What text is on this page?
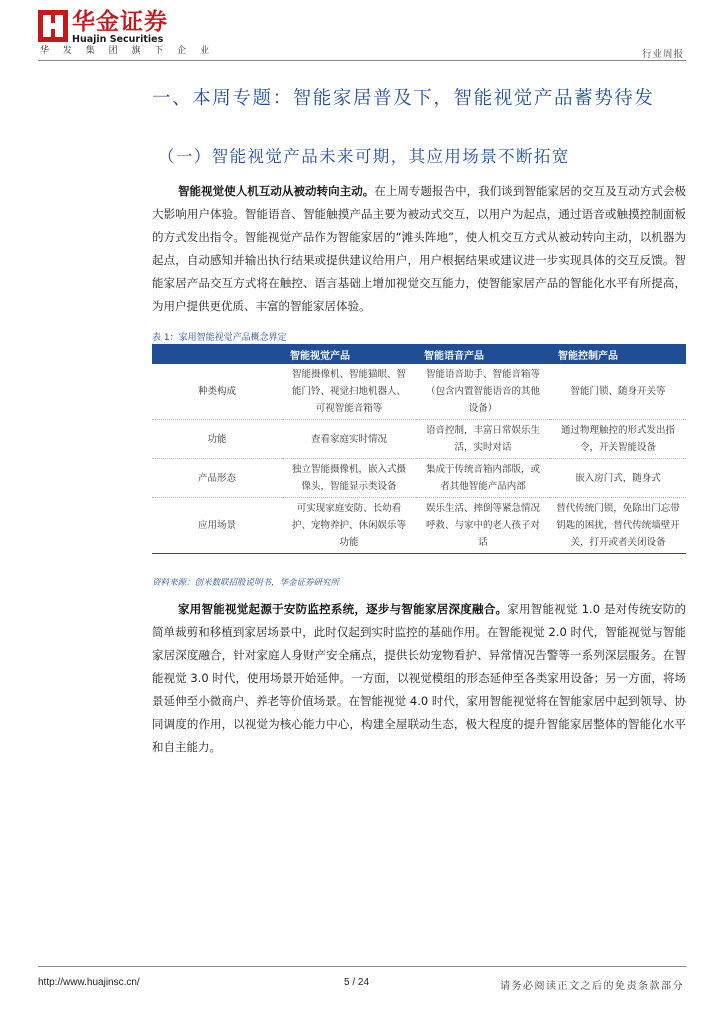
华金证券
Huajin Securities
华 发 集 团 旗 下 企 业	行业周报
一、本周专题：智能家居普及下，智能视觉产品蓄势待发
（一）智能视觉产品未来可期，其应用场景不断拓宽

智能视觉使人机互动从被动转向主动。在上周专题报告中，我们谈到智能家居的交互及互动方式会极大影响用户体验。智能语音、智能触摸产品主要为被动式交互，以用户为起点，通过语音或触摸控制面板的方式发出指令。智能视觉产品作为智能家居的“滩头阵地”，使人机交互方式从被动转向主动，以机器为起点，自动感知并输出执行结果或提供建议给用户，用户根据结果或建议进一步实现具体的交互反馈。智能家居产品交互方式将在触控、语言基础上增加视觉交互能力，使智能家居产品的智能化水平有所提高，为用户提供更优质、丰富的智能家居体验。

表 1：家用智能视觉产品概念界定
	智能视觉产品	智能语音产品	智能控制产品
种类构成	智能摄像机、智能猫眼、智能门铃、视觉扫地机器人、可视智能音箱等	智能语音助手、智能音箱等（包含内置智能语音的其他设备）	智能门锁、随身开关等
功能	查看家庭实时情况	语音控制，丰富日常娱乐生活，实时对话	通过物理触控的形式发出指令，开关智能设备
产品形态	独立智能摄像机，嵌入式摄像头，智能显示类设备	集成于传统音箱内部版，或者其他智能产品内部	嵌入房门式，随身式
应用场景	可实现家庭安防、长幼看护、宠物养护、休闲娱乐等功能	娱乐生活、摔倒等紧急情况呼救、与家中的老人孩子对话	替代传统门锁，免除出门忘带钥匙的困扰，替代传统墙壁开关，打开或者关闭设备
资料来源：创米数联招股说明书，华金证券研究所

家用智能视觉起源于安防监控系统，逐步与智能家居深度融合。家用智能视觉 1.0 是对传统安防的简单裁剪和移植到家居场景中，此时仅起到实时监控的基础作用。在智能视觉 2.0 时代，智能视觉与智能家居深度融合，针对家庭人身财产安全痛点，提供长幼宠物看护、异常情况告警等一系列深层服务。在智能视觉 3.0 时代，使用场景开始延伸。一方面，以视觉模组的形态延伸至各类家用设备；另一方面，将场景延伸至小微商户、养老等价值场景。在智能视觉 4.0 时代，家用智能视觉将在智能家居中起到领导、协同调度的作用，以视觉为核心能力中心，构建全屋联动生态，极大程度的提升智能家居整体的智能化水平和自主能力。

http://www.huajinsc.cn/	5 / 24	请务必阅读正文之后的免责条款部分
